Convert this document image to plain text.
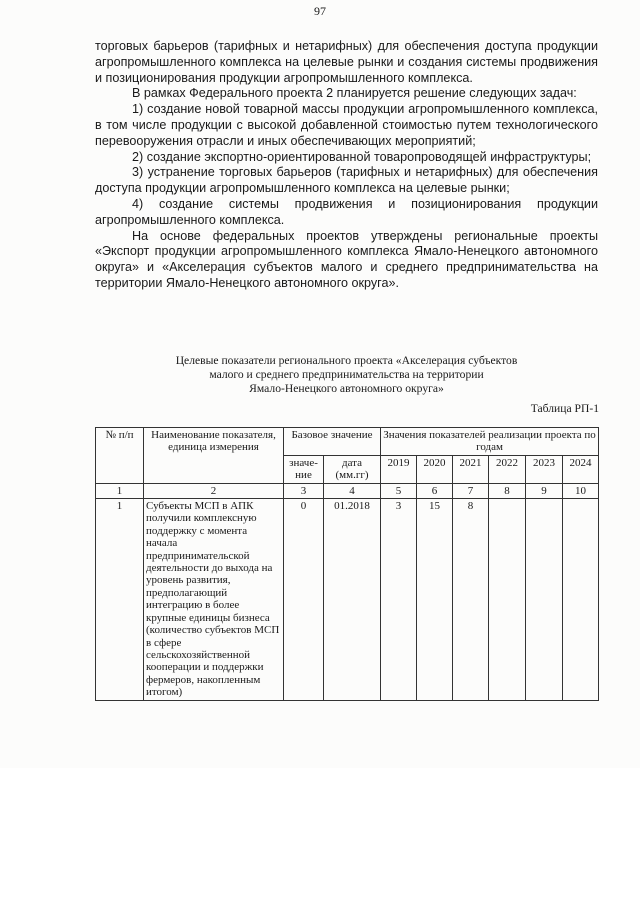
97

торговых барьеров (тарифных и нетарифных) для обеспечения доступа продукции агропромышленного комплекса на целевые рынки и создания системы продвижения и позиционирования продукции агропромышленного комплекса.

В рамках Федерального проекта 2 планируется решение следующих задач:

1) создание новой товарной массы продукции агропромышленного комплекса, в том числе продукции с высокой добавленной стоимостью путем технологического перевооружения отрасли и иных обеспечивающих мероприятий;

2) создание экспортно-ориентированной товаропроводящей инфраструктуры;

3) устранение торговых барьеров (тарифных и нетарифных) для обеспечения доступа продукции агропромышленного комплекса на целевые рынки;

4) создание системы продвижения и позиционирования продукции агропромышленного комплекса.

На основе федеральных проектов утверждены региональные проекты «Экспорт продукции агропромышленного комплекса Ямало-Ненецкого автономного округа» и «Акселерация субъектов малого и среднего предпринимательства на территории Ямало-Ненецкого автономного округа».

Целевые показатели регионального проекта «Акселерация субъектов
малого и среднего предпринимательства на территории
Ямало-Ненецкого автономного округа»
Таблица РП-1
№ п/п	Наименование показателя, единица измерения	Базовое значение		Значения показателей реализации проекта по годам					
		значе-ние	дата (мм.гг)	2019	2020	2021	2022	2023	2024
1	2	3	4	5	6	7	8	9	10
1	Субъекты МСП в АПК получили комплексную поддержку с момента начала предпринимательской деятельности до выхода на уровень развития, предполагающий интеграцию в более крупные единицы бизнеса (количество субъектов МСП в сфере сельскохозяйственной кооперации и поддержки фермеров, накопленным итогом)	0	01.2018	3	15	8			
